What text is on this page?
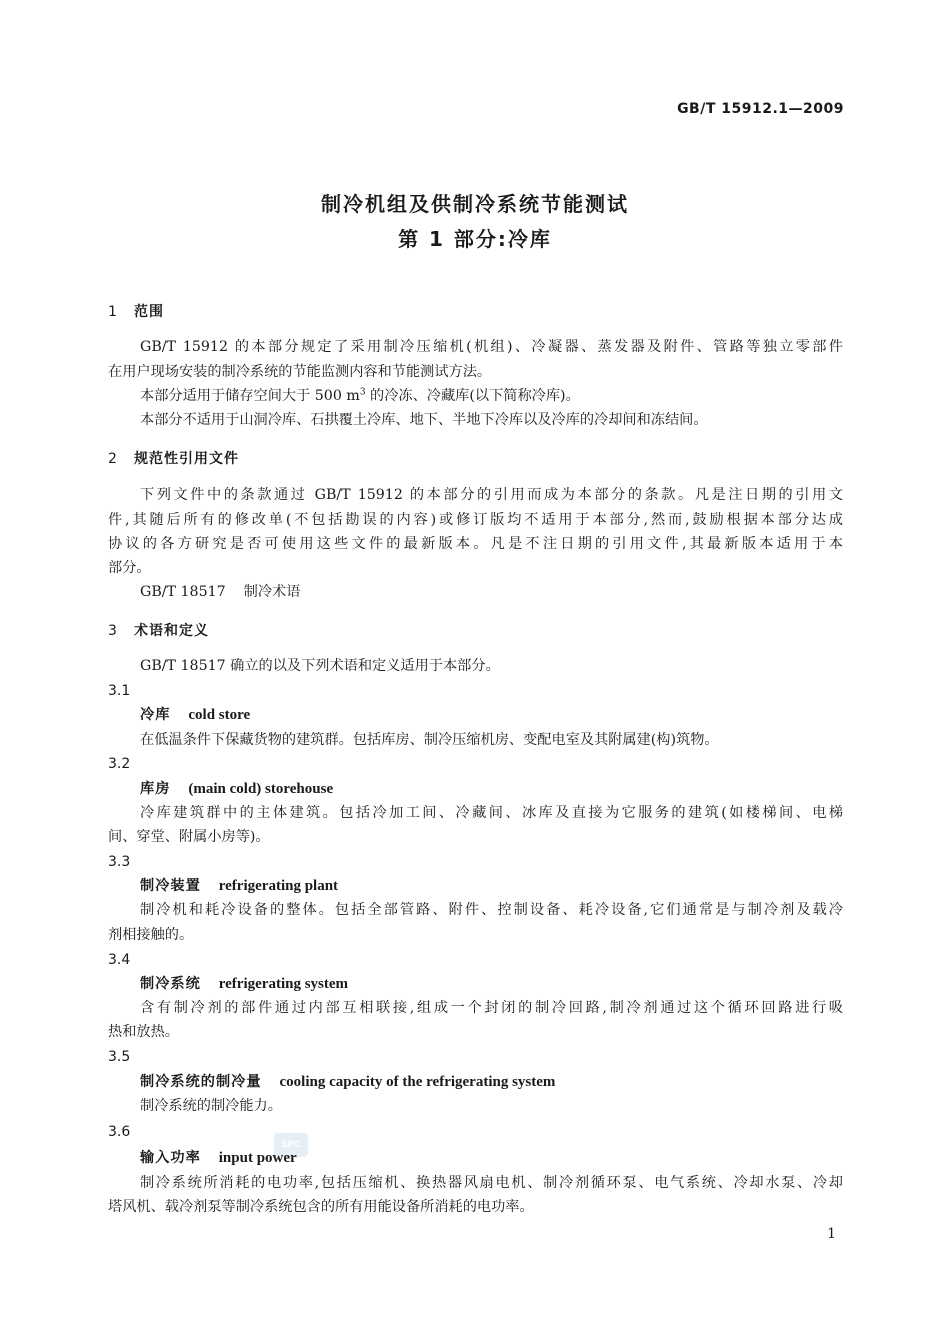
GB/T 15912.1—2009
制冷机组及供制冷系统节能测试
第 1 部分:冷库
1 范围
GB/T 15912 的本部分规定了采用制冷压缩机(机组)、冷凝器、蒸发器及附件、管路等独立零部件
在用户现场安装的制冷系统的节能监测内容和节能测试方法。
本部分适用于储存空间大于 500 $m^3$ 的冷冻、冷藏库(以下简称冷库)。
本部分不适用于山洞冷库、石拱覆土冷库、地下、半地下冷库以及冷库的冷却间和冻结间。
2 规范性引用文件
下列文件中的条款通过 GB/T 15912 的本部分的引用而成为本部分的条款。凡是注日期的引用文
件,其随后所有的修改单(不包括勘误的内容)或修订版均不适用于本部分,然而,鼓励根据本部分达成
协议的各方研究是否可使用这些文件的最新版本。凡是不注日期的引用文件,其最新版本适用于本
部分。
GB/T 18517    制冷术语
3 术语和定义
GB/T 18517 确立的以及下列术语和定义适用于本部分。
3.1
冷库 cold store
在低温条件下保藏货物的建筑群。包括库房、制冷压缩机房、变配电室及其附属建(构)筑物。
3.2
库房 (main cold) storehouse
冷库建筑群中的主体建筑。包括冷加工间、冷藏间、冰库及直接为它服务的建筑(如楼梯间、电梯
间、穿堂、附属小房等)。
3.3
制冷装置 refrigerating plant
制冷机和耗冷设备的整体。包括全部管路、附件、控制设备、耗冷设备,它们通常是与制冷剂及载冷
剂相接触的。
3.4
制冷系统 refrigerating system
含有制冷剂的部件通过内部互相联接,组成一个封闭的制冷回路,制冷剂通过这个循环回路进行吸
热和放热。
3.5
制冷系统的制冷量 cooling capacity of the refrigerating system
制冷系统的制冷能力。
3.6
SPC
输入功率 input power
制冷系统所消耗的电功率,包括压缩机、换热器风扇电机、制冷剂循环泵、电气系统、冷却水泵、冷却
塔风机、载冷剂泵等制冷系统包含的所有用能设备所消耗的电功率。
1
